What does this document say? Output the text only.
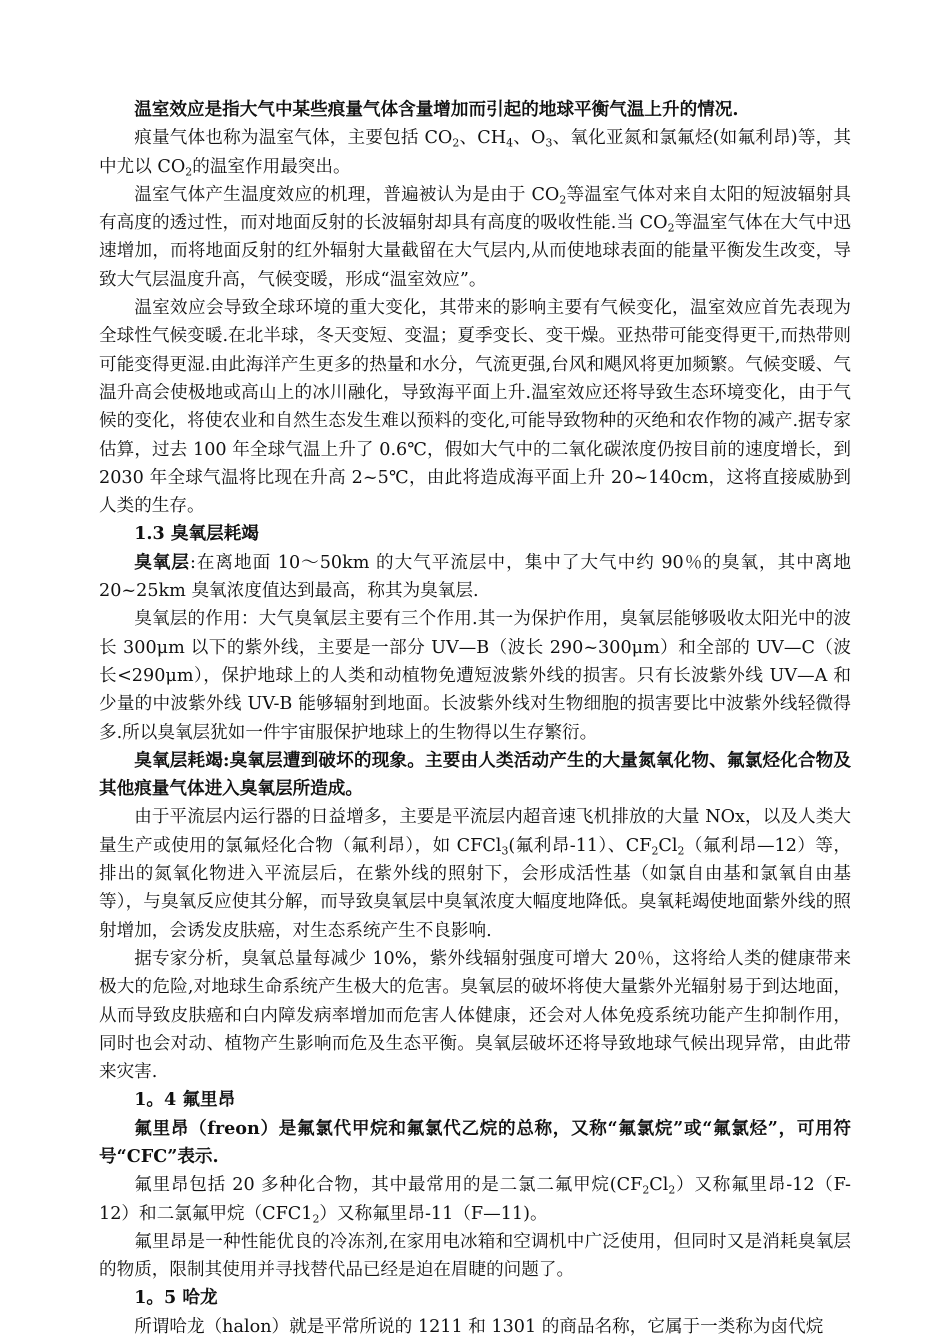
温室效应是指大气中某些痕量气体含量增加而引起的地球平衡气温上升的情况.

痕量气体也称为温室气体，主要包括 $CO_2$、$CH_4$、$O_3$、氧化亚氮和氯氟烃(如氟利昂)等，其中尤以 $CO_2$的温室作用最突出。

温室气体产生温度效应的机理，普遍被认为是由于 $CO_2$等温室气体对来自太阳的短波辐射具有高度的透过性，而对地面反射的长波辐射却具有高度的吸收性能.当 $CO_2$等温室气体在大气中迅速增加，而将地面反射的红外辐射大量截留在大气层内,从而使地球表面的能量平衡发生改变，导致大气层温度升高，气候变暖，形成“温室效应”。

温室效应会导致全球环境的重大变化，其带来的影响主要有气候变化，温室效应首先表现为全球性气候变暖.在北半球，冬天变短、变温；夏季变长、变干燥。亚热带可能变得更干,而热带则可能变得更湿.由此海洋产生更多的热量和水分，气流更强,台风和飓风将更加频繁。气候变暖、气温升高会使极地或高山上的冰川融化，导致海平面上升.温室效应还将导致生态环境变化，由于气候的变化，将使农业和自然生态发生难以预料的变化,可能导致物种的灭绝和农作物的减产.据专家估算，过去 100 年全球气温上升了 0.6℃，假如大气中的二氧化碳浓度仍按目前的速度增长，到 2030 年全球气温将比现在升高 2~5℃，由此将造成海平面上升 20~140cm，这将直接威胁到人类的生存。

1.3 臭氧层耗竭

臭氧层:在离地面 10～50km 的大气平流层中，集中了大气中约 90％的臭氧，其中离地 20~25km 臭氧浓度值达到最高，称其为臭氧层.

臭氧层的作用：大气臭氧层主要有三个作用.其一为保护作用，臭氧层能够吸收太阳光中的波长 300μm 以下的紫外线，主要是一部分 UV—B（波长 290~300μm）和全部的 UV—C（波长<290μm），保护地球上的人类和动植物免遭短波紫外线的损害。只有长波紫外线 UV—A 和少量的中波紫外线 UV-B 能够辐射到地面。长波紫外线对生物细胞的损害要比中波紫外线轻微得多.所以臭氧层犹如一件宇宙服保护地球上的生物得以生存繁衍。

臭氧层耗竭:臭氧层遭到破坏的现象。主要由人类活动产生的大量氮氧化物、氟氯烃化合物及其他痕量气体进入臭氧层所造成。

由于平流层内运行器的日益增多，主要是平流层内超音速飞机排放的大量 NOx，以及人类大量生产或使用的氯氟烃化合物（氟利昂），如 CFCl$_3$(氟利昂-11）、$CF_2Cl_2$（氟利昂—12）等，排出的氮氧化物进入平流层后，在紫外线的照射下，会形成活性基（如氯自由基和氯氧自由基等），与臭氧反应使其分解，而导致臭氧层中臭氧浓度大幅度地降低。臭氧耗竭使地面紫外线的照射增加，会诱发皮肤癌，对生态系统产生不良影响.

据专家分析，臭氧总量每减少 10%，紫外线辐射强度可增大 20％，这将给人类的健康带来极大的危险,对地球生命系统产生极大的危害。臭氧层的破坏将使大量紫外光辐射易于到达地面，从而导致皮肤癌和白内障发病率增加而危害人体健康，还会对人体免疫系统功能产生抑制作用，同时也会对动、植物产生影响而危及生态平衡。臭氧层破坏还将导致地球气候出现异常，由此带来灾害.

1。4 氟里昂

氟里昂（freon）是氟氯代甲烷和氟氯代乙烷的总称，又称“氟氯烷”或“氟氯烃”，可用符号“CFC”表示.

氟里昂包括 20 多种化合物，其中最常用的是二氯二氟甲烷$(CF_2Cl_2)$又称氟里昂-12（F-12）和二氯氟甲烷$(CFC1_2)$又称氟里昂-11（F—11)。

氟里昂是一种性能优良的冷冻剂,在家用电冰箱和空调机中广泛使用，但同时又是消耗臭氧层的物质，限制其使用并寻找替代品已经是迫在眉睫的问题了。

1。5 哈龙

所谓哈龙（halon）就是平常所说的 1211 和 1301 的商品名称，它属于一类称为卤代烷
